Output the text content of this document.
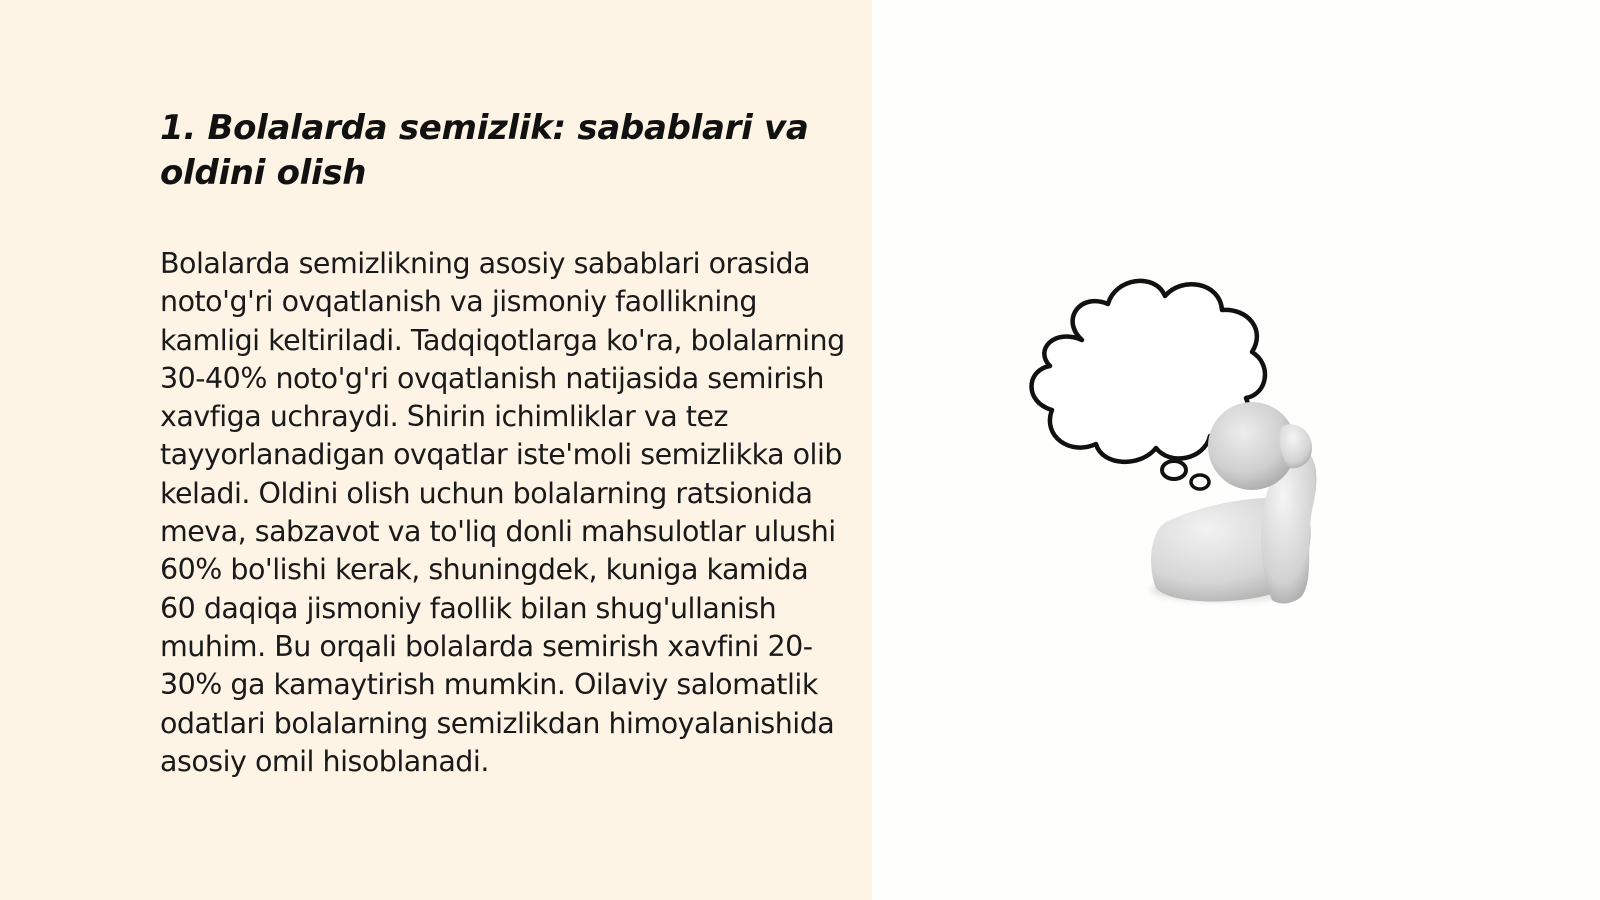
1. Bolalarda semizlik: sabablari va oldini olish

Bolalarda semizlikning asosiy sabablari orasida noto'g'ri ovqatlanish va jismoniy faollikning kamligi keltiriladi. Tadqiqotlarga ko'ra, bolalarning 30-40% noto'g'ri ovqatlanish natijasida semirish xavfiga uchraydi. Shirin ichimliklar va tez tayyorlanadigan ovqatlar iste'moli semizlikka olib keladi. Oldini olish uchun bolalarning ratsionida meva, sabzavot va to'liq donli mahsulotlar ulushi 60% bo'lishi kerak, shuningdek, kuniga kamida 60 daqiqa jismoniy faollik bilan shug'ullanish muhim. Bu orqali bolalarda semirish xavfini 20-30% ga kamaytirish mumkin. Oilaviy salomatlik odatlari bolalarning semizlikdan himoyalanishida asosiy omil hisoblanadi.
